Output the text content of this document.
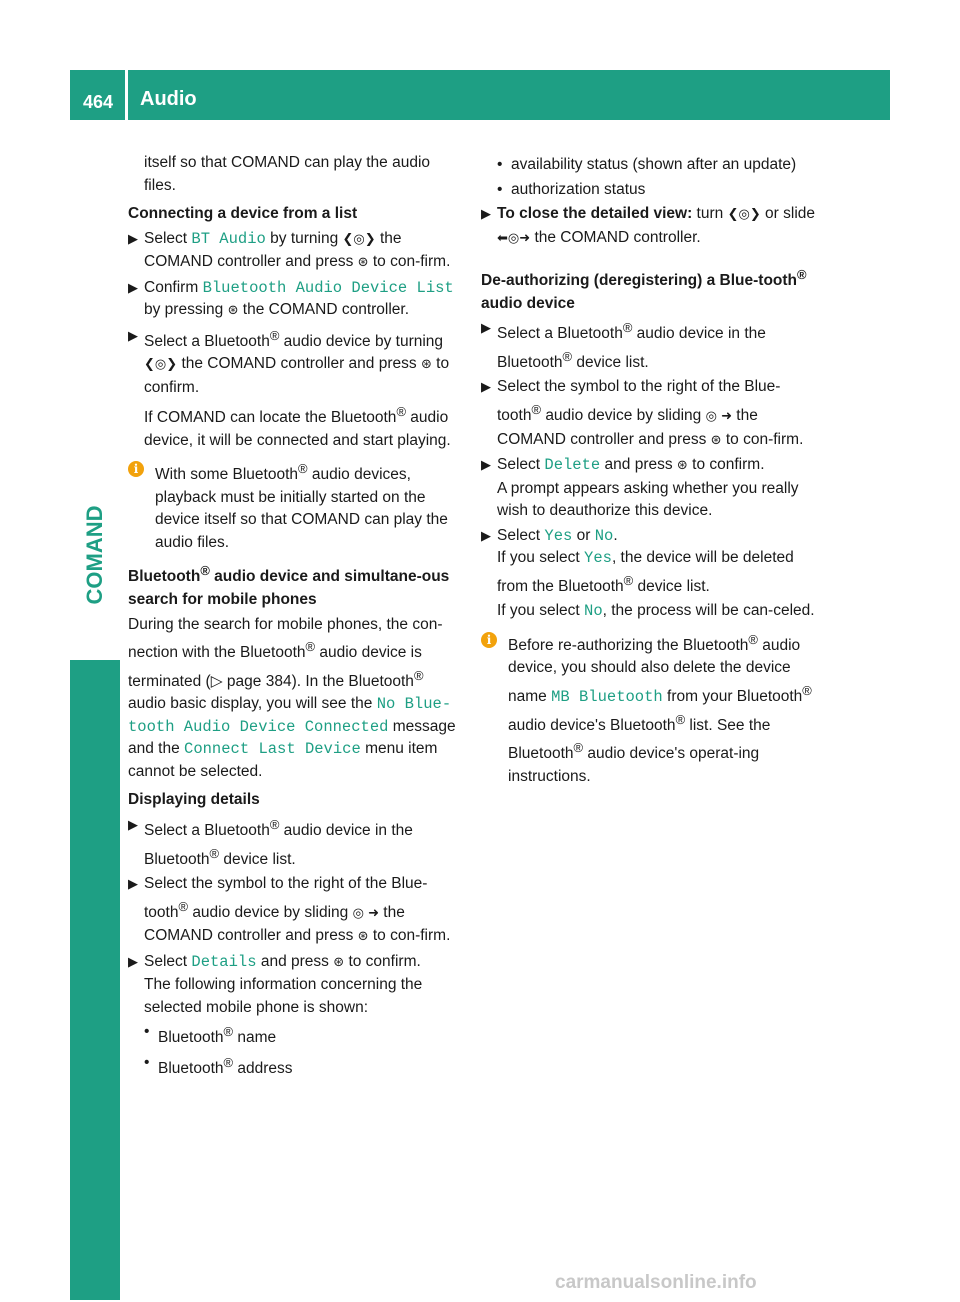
464	Audio
COMAND

itself so that COMAND can play the audio files.

Connecting a device from a list

▶ Select BT Audio by turning ❮◎❯ the COMAND controller and press ⊛ to con-firm.

▶ Confirm Bluetooth Audio Device List by pressing ⊛ the COMAND controller.

▶ Select a Bluetooth® audio device by turning ❮◎❯ the COMAND controller and press ⊛ to confirm.

If COMAND can locate the Bluetooth® audio device, it will be connected and start playing.

i	With some Bluetooth® audio devices, playback must be initially started on the device itself so that COMAND can play the audio files.

Bluetooth® audio device and simultane-ous search for mobile phones

During the search for mobile phones, the con-nection with the Bluetooth® audio device is terminated (▷ page 384). In the Bluetooth® audio basic display, you will see the No Blue-tooth Audio Device Connected message and the Connect Last Device menu item cannot be selected.

Displaying details

▶ Select a Bluetooth® audio device in the Bluetooth® device list.

▶ Select the symbol to the right of the Blue-tooth® audio device by sliding ◎ ➜ the COMAND controller and press ⊛ to con-firm.

▶ Select Details and press ⊛ to confirm.
The following information concerning the selected mobile phone is shown:

• Bluetooth® name

• Bluetooth® address

• availability status (shown after an update)

• authorization status

▶ To close the detailed view: turn ❮◎❯ or slide ⬅◎➜ the COMAND controller.

De-authorizing (deregistering) a Blue-tooth® audio device

▶ Select a Bluetooth® audio device in the Bluetooth® device list.

▶ Select the symbol to the right of the Blue-tooth® audio device by sliding ◎ ➜ the COMAND controller and press ⊛ to con-firm.

▶ Select Delete and press ⊛ to confirm.
A prompt appears asking whether you really wish to deauthorize this device.

▶ Select Yes or No.
If you select Yes, the device will be deleted from the Bluetooth® device list.

If you select No, the process will be can-celed.

i	Before re-authorizing the Bluetooth® audio device, you should also delete the device name MB Bluetooth from your Bluetooth® audio device's Bluetooth® list. See the Bluetooth® audio device's operat-ing instructions.

carmanualsonline.info
